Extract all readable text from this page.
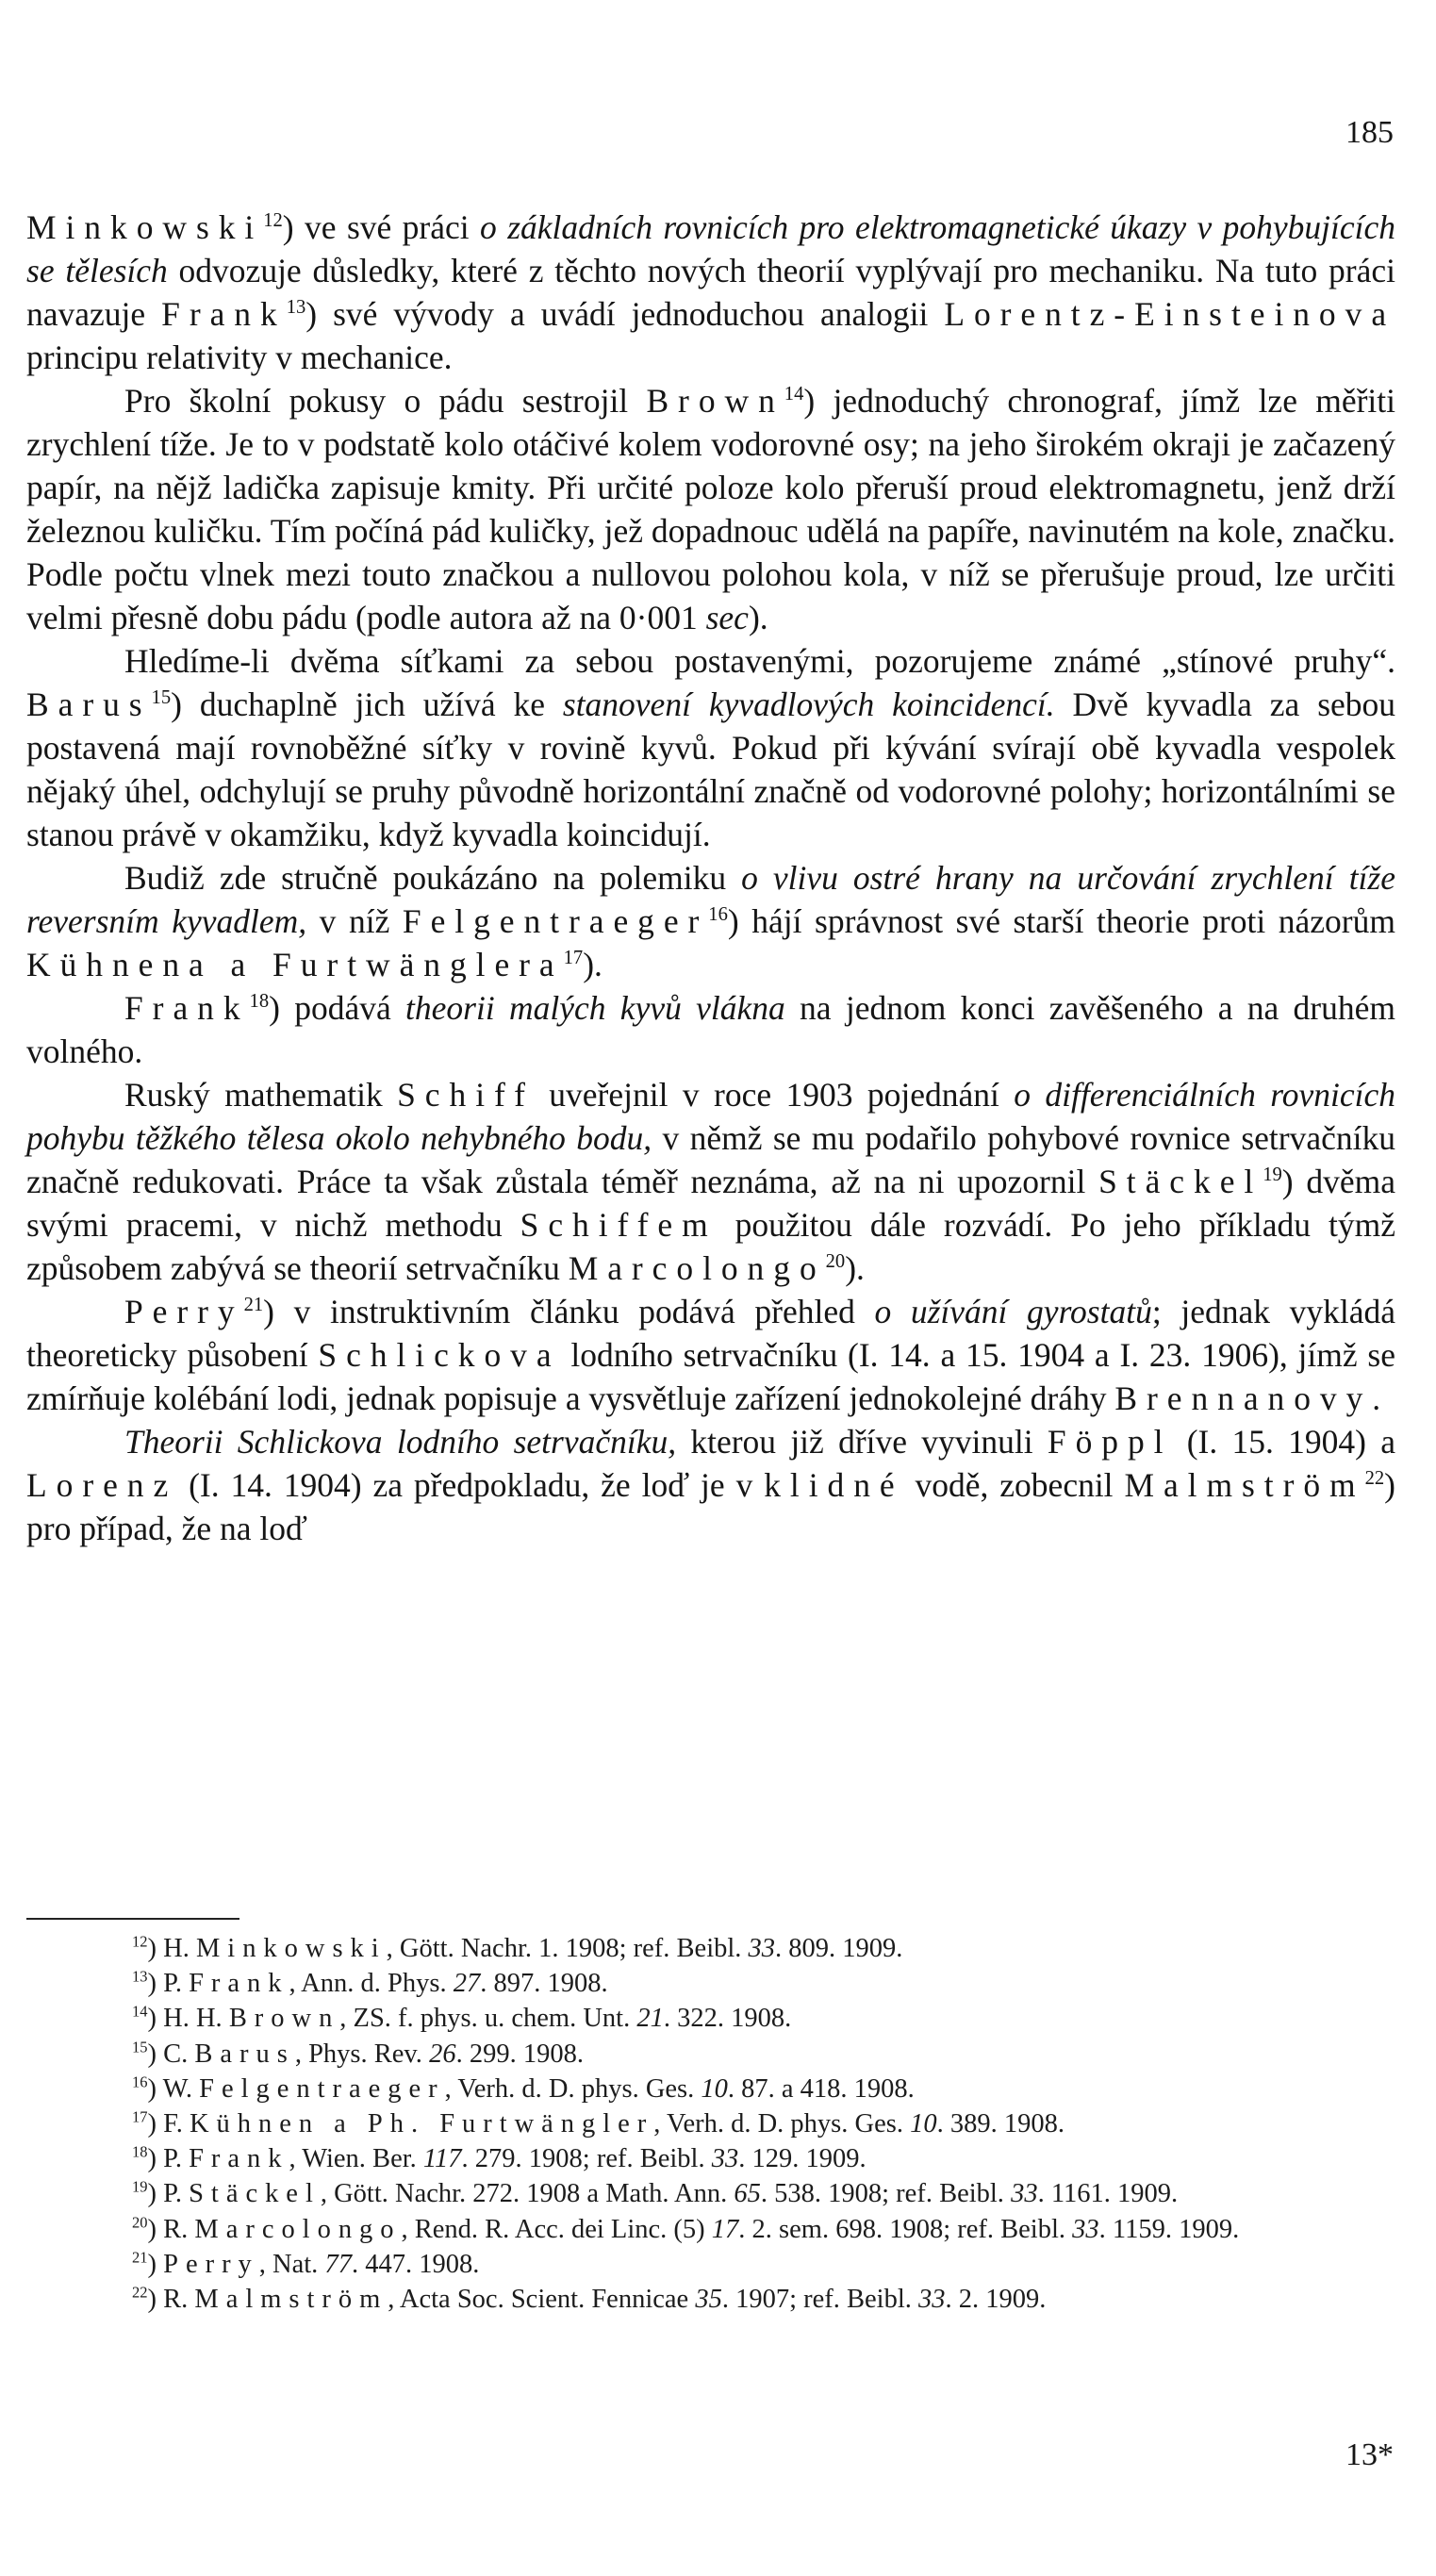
185

Minkowski$^{12}$) ve své práci o základních rovnicích pro elektromagnetické úkazy v pohybujících se tělesích odvozuje důsledky, které z těchto nových theorií vyplývají pro mechaniku. Na tuto práci navazuje Frank$^{13}$) své vývody a uvádí jednoduchou analogii Lorentz-Einsteinova principu relativity v mechanice.

Pro školní pokusy o pádu sestrojil Brown$^{14}$) jednoduchý chronograf, jímž lze měřiti zrychlení tíže. Je to v podstatě kolo otáčivé kolem vodorovné osy; na jeho širokém okraji je začazený papír, na nějž ladička zapisuje kmity. Při určité poloze kolo přeruší proud elektromagnetu, jenž drží železnou kuličku. Tím počíná pád kuličky, jež dopadnouc udělá na papíře, navinutém na kole, značku. Podle počtu vlnek mezi touto značkou a nullovou polohou kola, v níž se přerušuje proud, lze určiti velmi přesně dobu pádu (podle autora až na 0·001 sec).

Hledíme-li dvěma síťkami za sebou postavenými, pozorujeme známé „stínové pruhy“. Barus$^{15}$) duchaplně jich užívá ke stanovení kyvadlových koincidencí. Dvě kyvadla za sebou postavená mají rovnoběžné síťky v rovině kyvů. Pokud při kývání svírají obě kyvadla vespolek nějaký úhel, odchylují se pruhy původně horizontální značně od vodorovné polohy; horizontálními se stanou právě v okamžiku, když kyvadla koincidují.

Budiž zde stručně poukázáno na polemiku o vlivu ostré hrany na určování zrychlení tíže reversním kyvadlem, v níž Felgentraeger$^{16}$) hájí správnost své starší theorie proti názorům Kühnena a Furtwänglera$^{17}$).

Frank$^{18}$) podává theorii malých kyvů vlákna na jednom konci zavěšeného a na druhém volného.

Ruský mathematik Schiff uveřejnil v roce 1903 pojednání o differenciálních rovnicích pohybu těžkého tělesa okolo nehybného bodu, v němž se mu podařilo pohybové rovnice setrvačníku značně redukovati. Práce ta však zůstala téměř neznáma, až na ni upozornil Stäckel$^{19}$) dvěma svými pracemi, v nichž methodu Schiffem použitou dále rozvádí. Po jeho příkladu týmž způsobem zabývá se theorií setrvačníku Marcolongo$^{20}$).

Perry$^{21}$) v instruktivním článku podává přehled o užívání gyrostatů; jednak vykládá theoreticky působení Schlickova lodního setrvačníku (I. 14. a 15. 1904 a I. 23. 1906), jímž se zmírňuje kolébání lodi, jednak popisuje a vysvětluje zařízení jednokolejné dráhy Brennanovy.

Theorii Schlickova lodního setrvačníku, kterou již dříve vyvinuli Föppl (I. 15. 1904) a Lorenz (I. 14. 1904) za předpokladu, že loď je v klidné vodě, zobecnil Malmström$^{22}$) pro případ, že na loď

$^{12}$) H. Minkowski, Gött. Nachr. 1. 1908; ref. Beibl. 33. 809. 1909.

$^{13}$) P. Frank, Ann. d. Phys. 27. 897. 1908.

$^{14}$) H. H. Brown, ZS. f. phys. u. chem. Unt. 21. 322. 1908.

$^{15}$) C. Barus, Phys. Rev. 26. 299. 1908.

$^{16}$) W. Felgentraeger, Verh. d. D. phys. Ges. 10. 87. a 418. 1908.

$^{17}$) F. Kühnen a Ph. Furtwängler, Verh. d. D. phys. Ges. 10. 389. 1908.

$^{18}$) P. Frank, Wien. Ber. 117. 279. 1908; ref. Beibl. 33. 129. 1909.

$^{19}$) P. Stäckel, Gött. Nachr. 272. 1908 a Math. Ann. 65. 538. 1908; ref. Beibl. 33. 1161. 1909.

$^{20}$) R. Marcolongo, Rend. R. Acc. dei Linc. (5) 17. 2. sem. 698. 1908; ref. Beibl. 33. 1159. 1909.

$^{21}$) Perry, Nat. 77. 447. 1908.

$^{22}$) R. Malmström, Acta Soc. Scient. Fennicae 35. 1907; ref. Beibl. 33. 2. 1909.

13*
